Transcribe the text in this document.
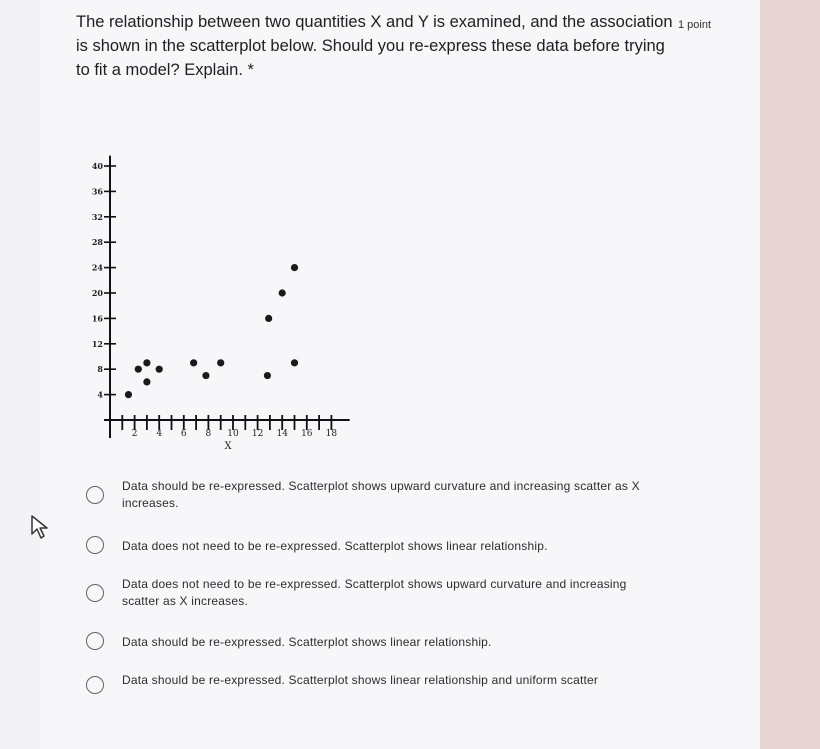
The relationship between two quantities X and Y is examined, and the association is shown in the scatterplot below. Should you re-express these data before trying to fit a model? Explain. *
1 point
2 4 6 8 10 12 14 16 18
X
4
8
12
16
20
24
28
32
36
40
Data should be re-expressed. Scatterplot shows upward curvature and increasing scatter as X increases.
Data does not need to be re-expressed. Scatterplot shows linear relationship.
Data does not need to be re-expressed. Scatterplot shows upward curvature and increasing scatter as X increases.
Data should be re-expressed. Scatterplot shows linear relationship.
Data should be re-expressed. Scatterplot shows linear relationship and uniform scatter
